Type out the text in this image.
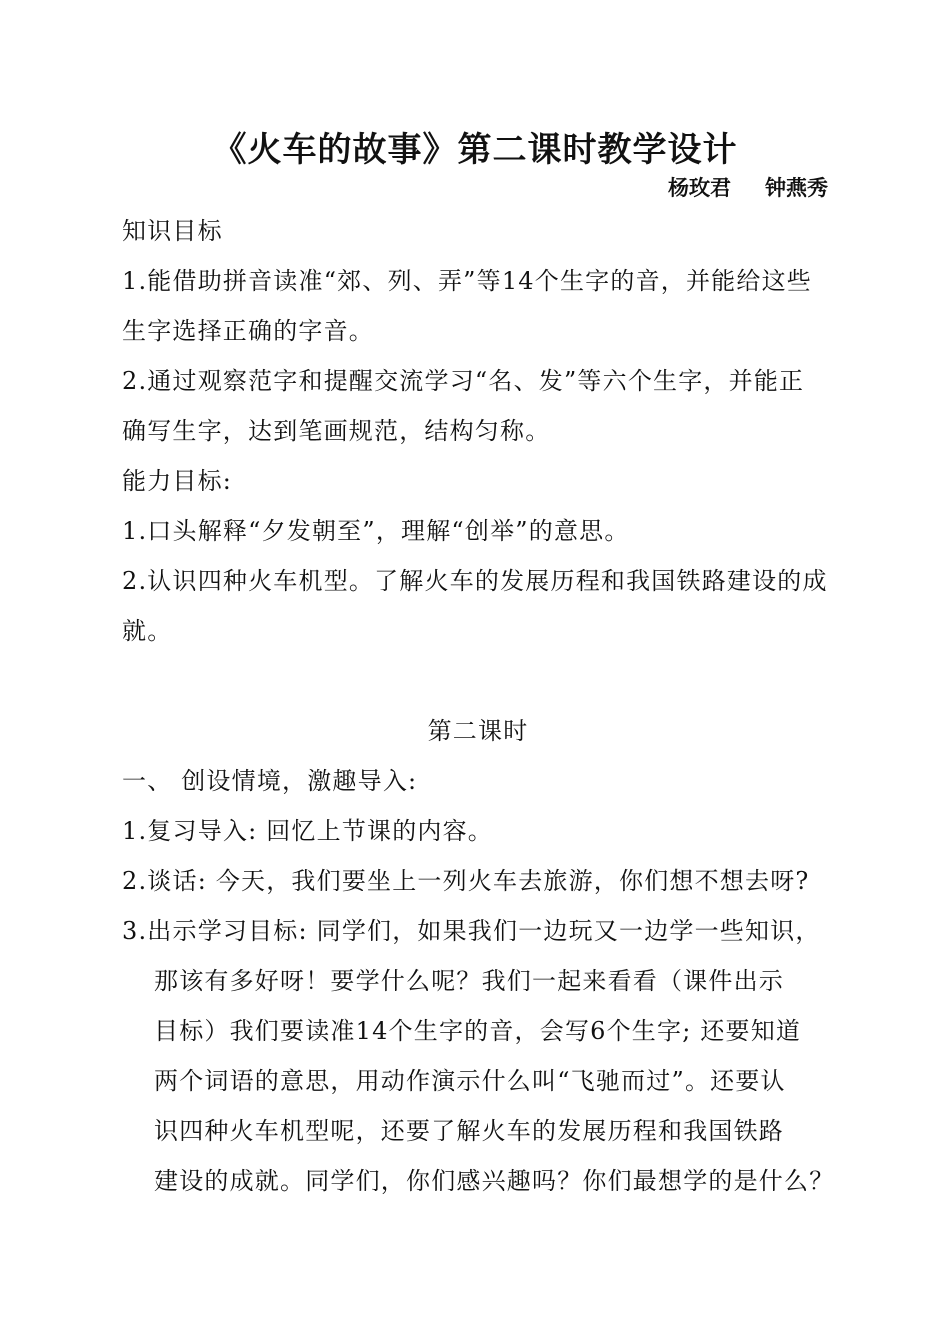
《火车的故事》第二课时教学设计
杨玫君 钟燕秀
知识目标
1.能借助拼音读准“郊、列、弄”等14个生字的音，并能给这些
生字选择正确的字音。
2.通过观察范字和提醒交流学习“名、发”等六个生字，并能正
确写生字，达到笔画规范，结构匀称。
能力目标:
1.口头解释“夕发朝至”，理解“创举”的意思。
2.认识四种火车机型。了解火车的发展历程和我国铁路建设的成
就。
第二课时
一、 创设情境，激趣导入:
1.复习导入: 回忆上节课的内容。
2.谈话: 今天，我们要坐上一列火车去旅游，你们想不想去呀?
3.出示学习目标: 同学们，如果我们一边玩又一边学一些知识，
那该有多好呀！要学什么呢？我们一起来看看（课件出示
目标）我们要读准14个生字的音，会写6个生字; 还要知道
两个词语的意思，用动作演示什么叫“飞驰而过”。还要认
识四种火车机型呢，还要了解火车的发展历程和我国铁路
建设的成就。同学们，你们感兴趣吗？你们最想学的是什么？
